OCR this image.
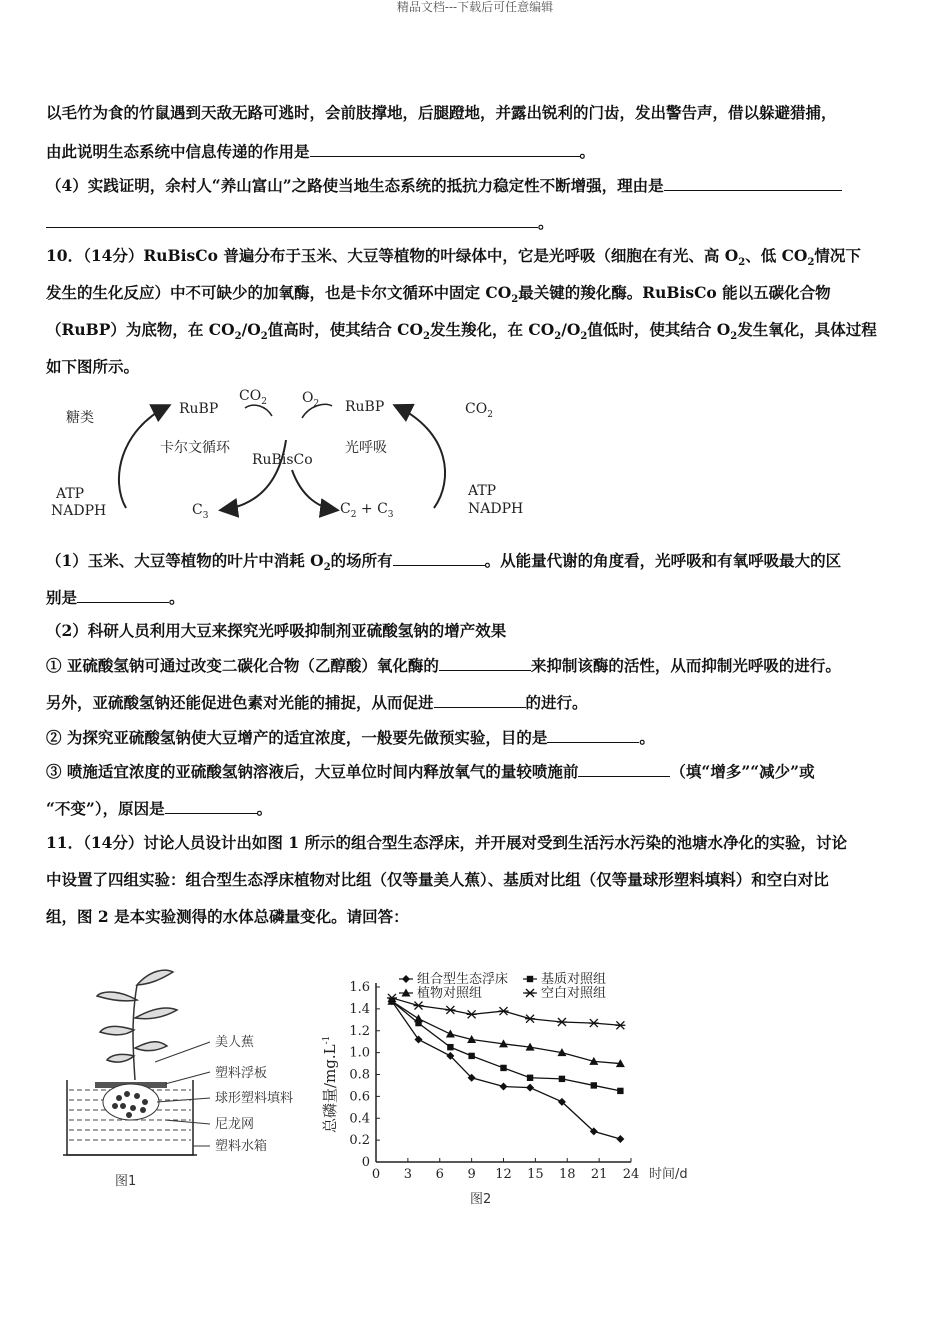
精品文档---下载后可任意编辑
以毛竹为食的竹鼠遇到天敌无路可逃时，会前肢撑地，后腿蹬地，并露出锐利的门齿，发出警告声，借以躲避猎捕，
由此说明生态系统中信息传递的作用是	。
（4）实践证明，余村人“养山富山”之路使当地生态系统的抵抗力稳定性不断增强，理由是
。
10．（14分）RuBisCo 普遍分布于玉米、大豆等植物的叶绿体中，它是光呼吸（细胞在有光、高 $O_2$、低 $CO_2$情况下
发生的生化反应）中不可缺少的加氧酶，也是卡尔文循环中固定 $CO_2$最关键的羧化酶。RuBisCo 能以五碳化合物
（RuBP）为底物，在 $CO_2/O_2$值高时，使其结合 $CO_2$发生羧化，在 $CO_2/O_2$值低时，使其结合 $O_2$发生氧化，具体过程
如下图所示。
糖类
RuBP
$CO_2$	$O_2$ RuBP	$CO_2$
卡尔文循环
RuBisCo
光呼吸
ATP
NADPH	$C_3$	$C_2 + C_3$
ATP
NADPH
（1）玉米、大豆等植物的叶片中消耗 $O_2$的场所有	。从能量代谢的角度看，光呼吸和有氧呼吸最大的区
别是	。
（2）科研人员利用大豆来探究光呼吸抑制剂亚硫酸氢钠的增产效果
① 亚硫酸氢钠可通过改变二碳化合物（乙醇酸）氧化酶的	来抑制该酶的活性，从而抑制光呼吸的进行。
另外，亚硫酸氢钠还能促进色素对光能的捕捉，从而促进	的进行。
② 为探究亚硫酸氢钠使大豆增产的适宜浓度，一般要先做预实验，目的是	。
③ 喷施适宜浓度的亚硫酸氢钠溶液后，大豆单位时间内释放氧气的量较喷施前	（填“增多”“减少”或
“不变”），原因是	。
11．（14分）讨论人员设计出如图 1 所示的组合型生态浮床，并开展对受到生活污水污染的池塘水净化的实验，讨论
中设置了四组实验：组合型生态浮床植物对比组（仅等量美人蕉）、基质对比组（仅等量球形塑料填料）和空白对比
组，图 2 是本实验测得的水体总磷量变化。请回答：
美人蕉
塑料浮板
球形塑料填料
尼龙网
塑料水箱
图1
总磷量$/mg.L^{-1}$
时间/d
图2
0 3 6 9 12 15 18 21 24
0
0.2
0.4
0.6
0.8
1.0
1.2
1.4
1.6
组合型生态浮床	基质对照组
植物对照组	空白对照组
